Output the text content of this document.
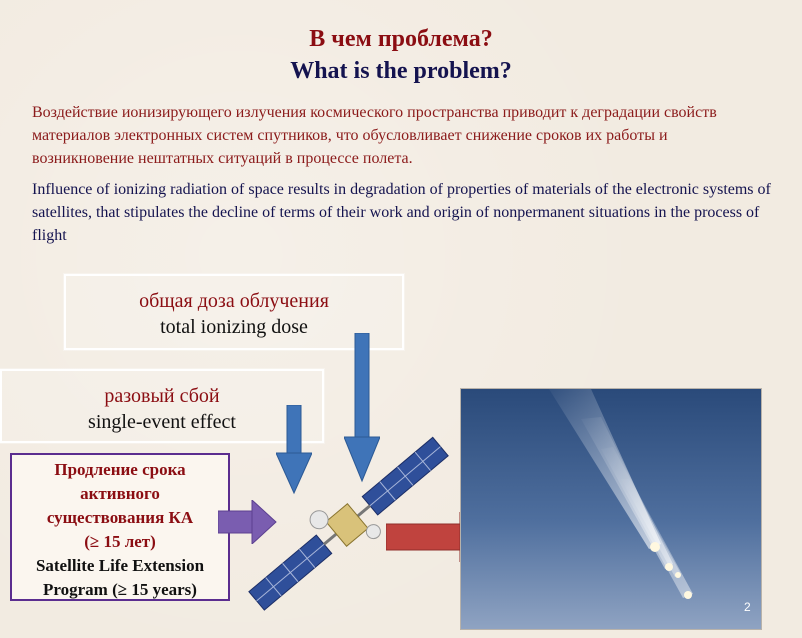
В чем проблема?
What is the problem?
Воздействие ионизирующего излучения космического пространства приводит к деградации свойств материалов электронных систем спутников, что обусловливает снижение сроков их работы и возникновение нештатных ситуаций в процессе полета.
Influence of ionizing radiation of space results in degradation of properties of materials of the electronic systems of satellites, that stipulates the decline of terms of their work and origin of nonpermanent situations in the process of flight
общая доза облучения
total ionizing dose
разовый сбой
single-event effect
Продление срока
активного
существования КА
(≥ 15 лет)
Satellite Life Extension
Program (≥ 15 years)
2
